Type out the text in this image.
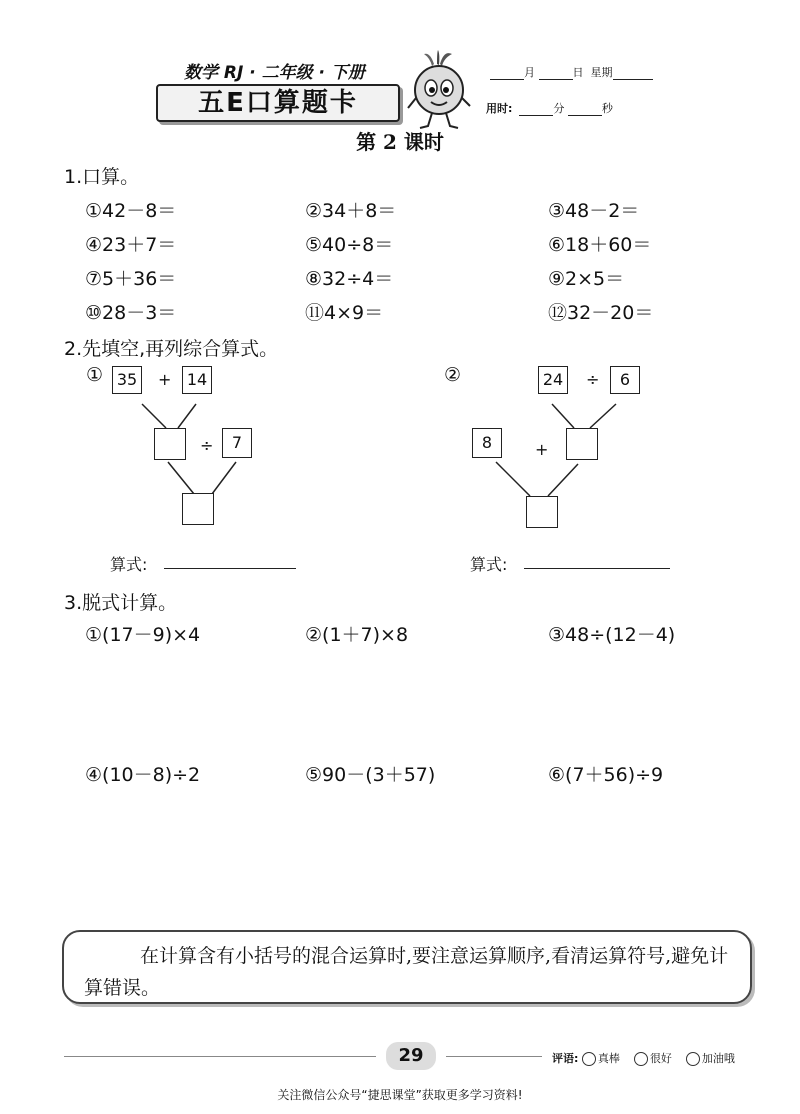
数学 RJ · 二年级 · 下册
五E口算题卡
月	日 星期
用时:	分	秒
第 2 课时
1.口算。
①42－8＝	②34＋8＝	③48－2＝
④23＋7＝	⑤40÷8＝	⑥18＋60＝
⑦5＋36＝	⑧32÷4＝	⑨2×5＝
⑩28－3＝	⑪4×9＝	⑫32－20＝
2.先填空,再列综合算式。
① 35	+ 14
÷	7
算式:
②	24	÷	6
8	+
算式:
3.脱式计算。
①(17－9)×4	②(1＋7)×8	③48÷(12－4)
④(10－8)÷2	⑤90－(3＋57)	⑥(7＋56)÷9
在计算含有小括号的混合运算时,要注意运算顺序,看清运算符号,避免计算错误。
29	评语: 真棒	很好	加油哦
关注微信公众号“捷思课堂”获取更多学习资料!
